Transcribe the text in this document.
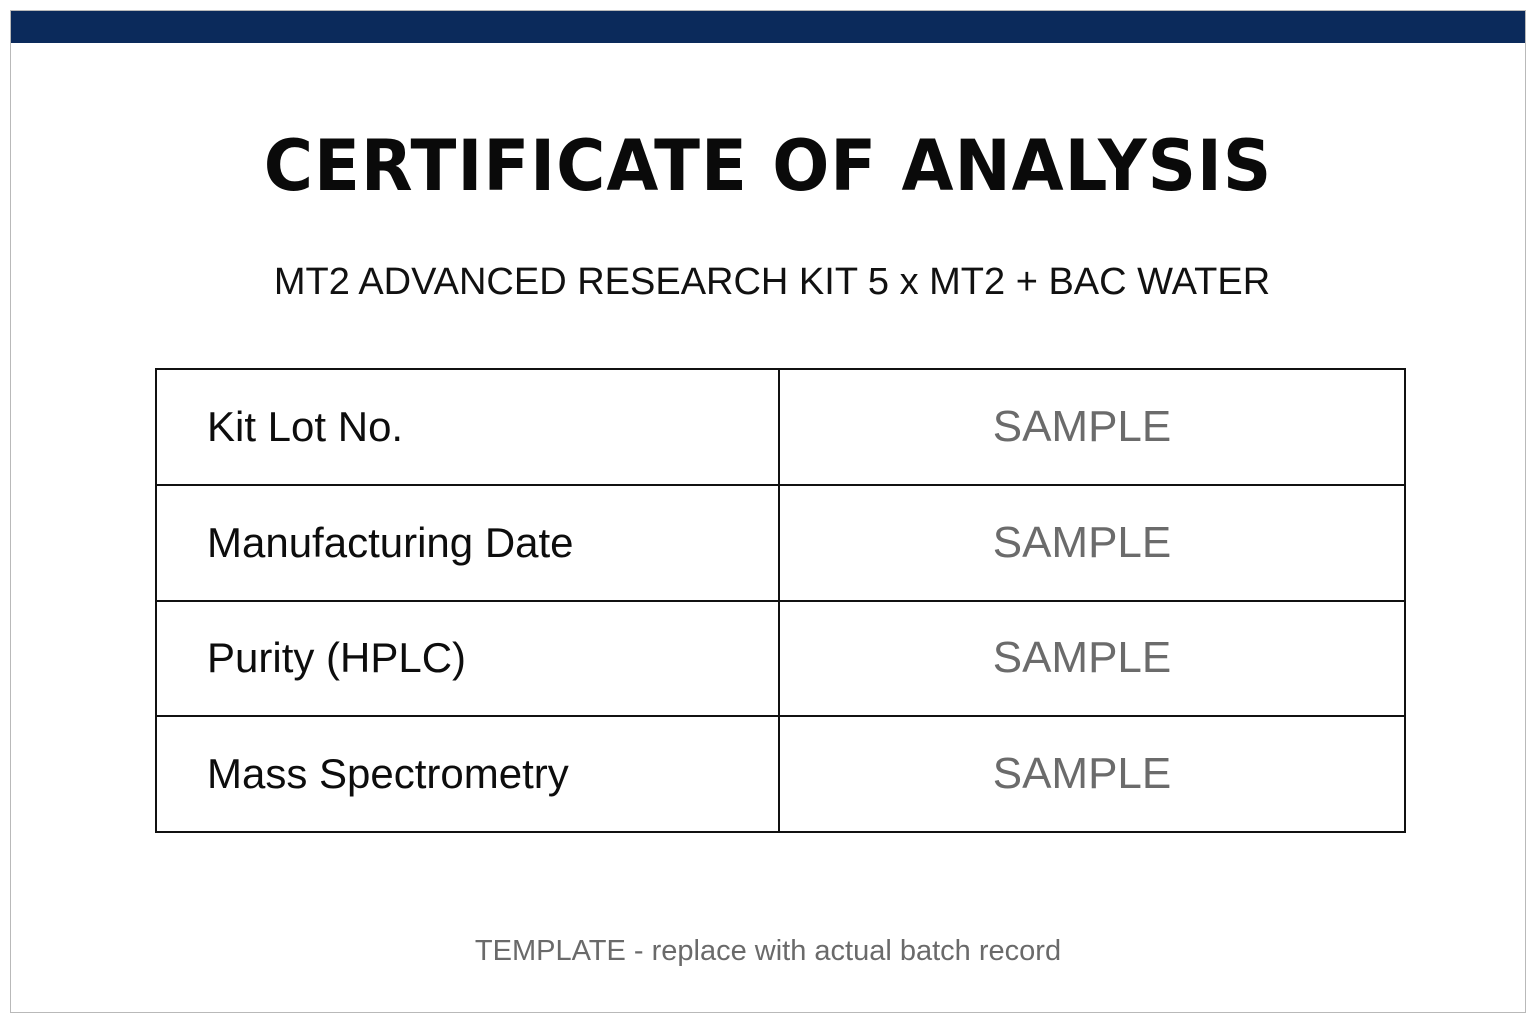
CERTIFICATE OF ANALYSIS
MT2 ADVANCED RESEARCH KIT 5 x MT2 + BAC WATER
Kit Lot No.	SAMPLE
Manufacturing Date	SAMPLE
Purity (HPLC)	SAMPLE
Mass Spectrometry	SAMPLE
TEMPLATE - replace with actual batch record
